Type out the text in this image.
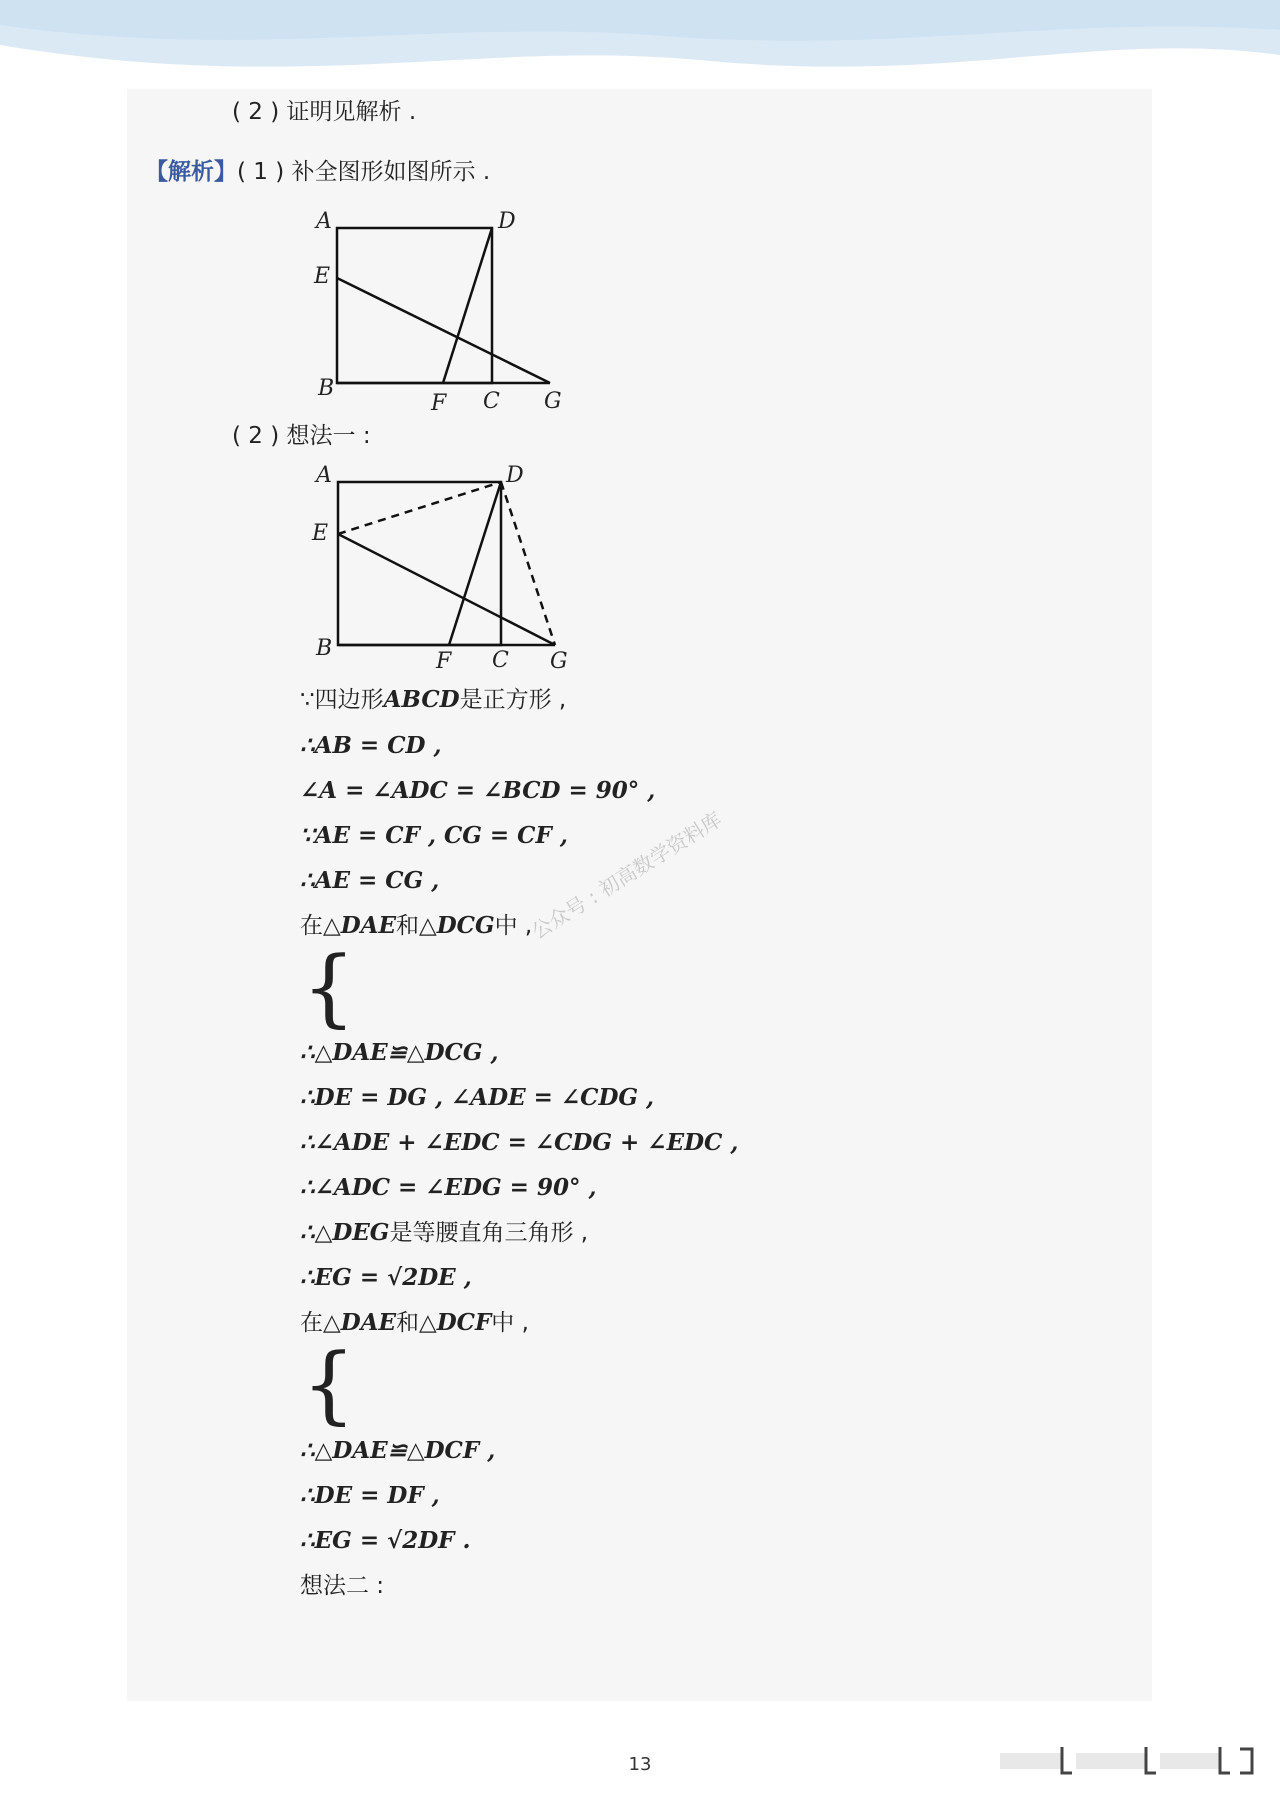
( 2 ) 证明见解析 .
【解析】( 1 ) 补全图形如图所示 .
A	D
E
B
F C G
( 2 ) 想法一 :
A	D
E
B
F C G
∵四边形ABCD是正方形 ,
∴AB = CD ,
∠A = ∠ADC = ∠BCD = 90° ,
∵AE = CF , CG = CF ,
∴AE = CG ,
在△DAE和△DCG中 ,
{
∴△DAE≌△DCG ,
∴DE = DG , ∠ADE = ∠CDG ,
∴∠ADE + ∠EDC = ∠CDG + ∠EDC ,
∴∠ADC = ∠EDG = 90° ,
∴△DEG是等腰直角三角形 ,
∴EG = √2DE ,
在△DAE和△DCF中 ,
{
∴△DAE≌△DCF ,
∴DE = DF ,
∴EG = √2DF .
想法二 :
公众号 : 初高数学资料库
13
